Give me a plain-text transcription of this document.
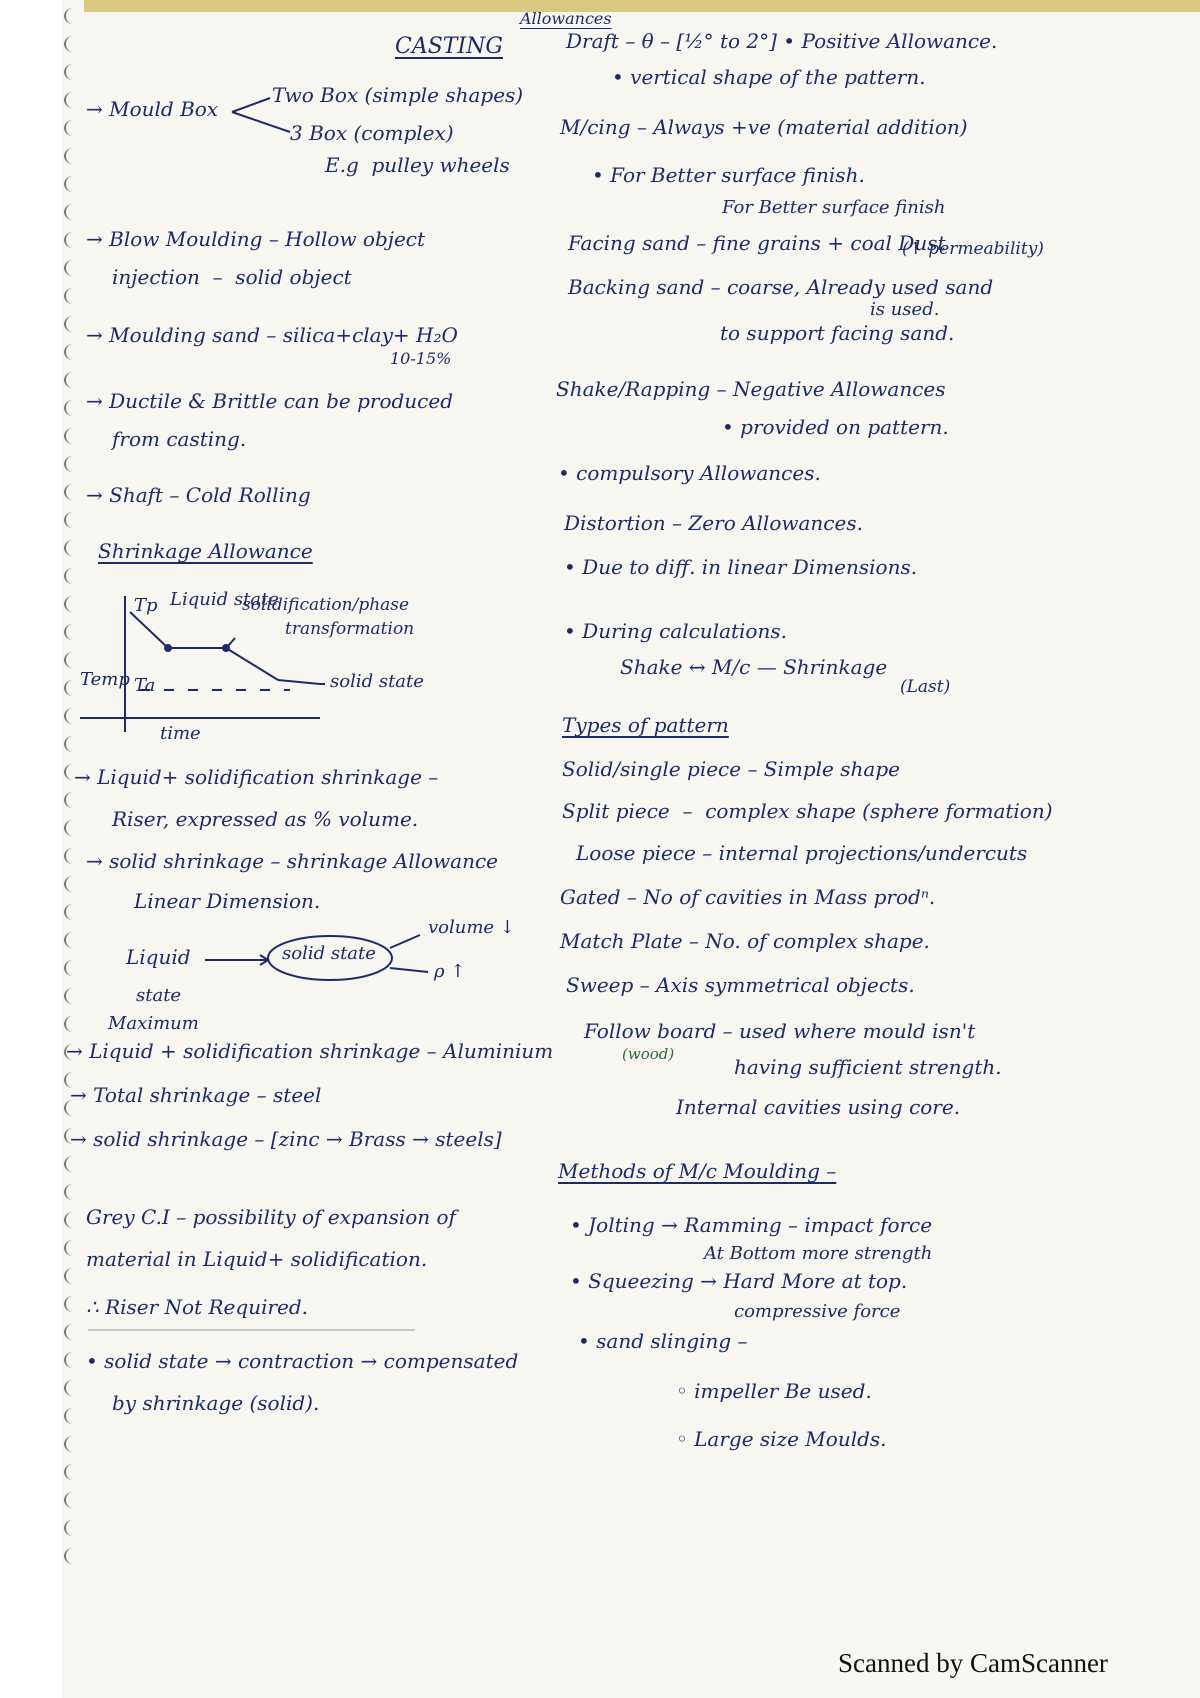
CASTING
→ Mould Box
Two Box (simple shapes)
3 Box (complex)
E.g  pulley wheels
→ Blow Moulding – Hollow object
injection  –  solid object
→ Moulding sand – silica+clay+ H₂O
10-15%
→ Ductile & Brittle can be produced
from casting.
→ Shaft – Cold Rolling
Shrinkage Allowance
Tp Liquid state
solidification/phase
transformation
Temp Ta	solid state
time
→ Liquid+ solidification shrinkage –
Riser, expressed as % volume.
→ solid shrinkage – shrinkage Allowance
Linear Dimension.
Liquid
state
solid state
volume ↓
ρ ↑
Maximum
→ Liquid + solidification shrinkage – Aluminium
→ Total shrinkage – steel
→ solid shrinkage – [zinc → Brass → steels]
Grey C.I – possibility of expansion of
material in Liquid+ solidification.
∴ Riser Not Required.
• solid state → contraction → compensated
by shrinkage (solid).
Allowances
Draft – θ – [½° to 2°] • Positive Allowance.
• vertical shape of the pattern.
M/cing – Always +ve (material addition)
• For Better surface finish.
For Better surface finish
Facing sand – fine grains + coal Dust
(↑ permeability)
Backing sand – coarse, Already used sand
is used.
to support facing sand.
Shake/Rapping – Negative Allowances
• provided on pattern.
• compulsory Allowances.
Distortion – Zero Allowances.
• Due to diff. in linear Dimensions.
• During calculations.
Shake ↔ M/c — Shrinkage
(Last)
Types of pattern
Solid/single piece – Simple shape
Split piece  –  complex shape (sphere formation)
Loose piece – internal projections/undercuts
Gated – No of cavities in Mass prodⁿ.
Match Plate – No. of complex shape.
Sweep – Axis symmetrical objects.
Follow board – used where mould isn't
(wood)
having sufficient strength.
Internal cavities using core.
Methods of M/c Moulding –
• Jolting → Ramming – impact force
At Bottom more strength
• Squeezing → Hard More at top.
compressive force
• sand slinging –
◦ impeller Be used.
◦ Large size Moulds.
Scanned by CamScanner
